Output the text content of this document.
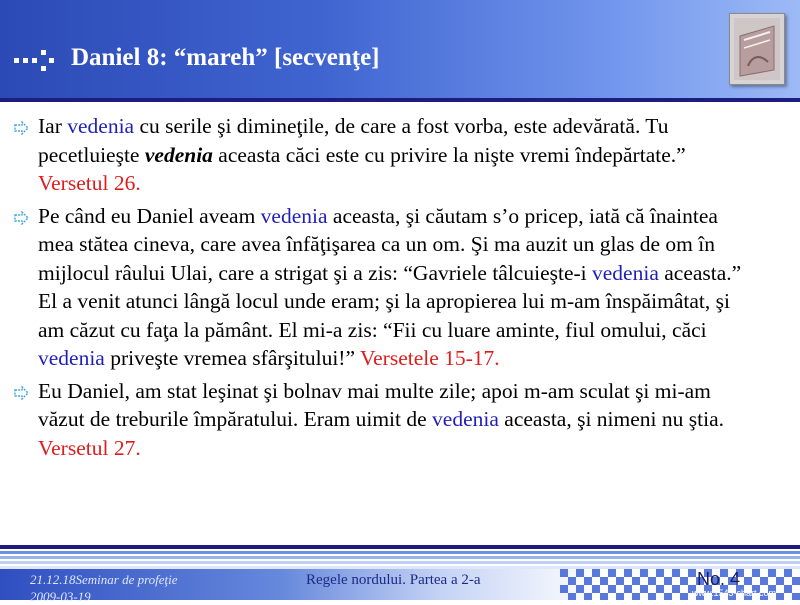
Daniel 8: “mareh” [secvenţe]
Iar vedenia cu serile şi dimineţile, de care a fost vorba, este adevărată. Tu pecetluieşte vedenia aceasta căci este cu privire la nişte vremi îndepărtate.” Versetul 26.
Pe când eu Daniel aveam vedenia aceasta, şi căutam s’o pricep, iată că înaintea mea stătea cineva, care avea înfăţişarea ca un om. Şi ma auzit un glas de om în mijlocul râului Ulai, care a strigat şi a zis: “Gavriele tâlcuieşte-i vedenia aceasta.” El a venit atunci lângă locul unde eram; şi la apropierea lui m-am înspăimâtat, şi am căzut cu faţa la pământ. El mi-a zis: “Fii cu luare aminte, fiul omului, căci vedenia priveşte vremea sfârşitului!” Versetele 15-17.
Eu Daniel, am stat leşinat şi bolnav mai multe zile; apoi m-am sculat şi mi-am văzut de treburile împăratului. Eram uimit de vedenia aceasta, şi nimeni nu ştia. Versetul 27.
21.12.18Seminar de profeţie
2009-03-19
Regele nordului. Partea a 2-a	No. 4
www.1543-chart.com
